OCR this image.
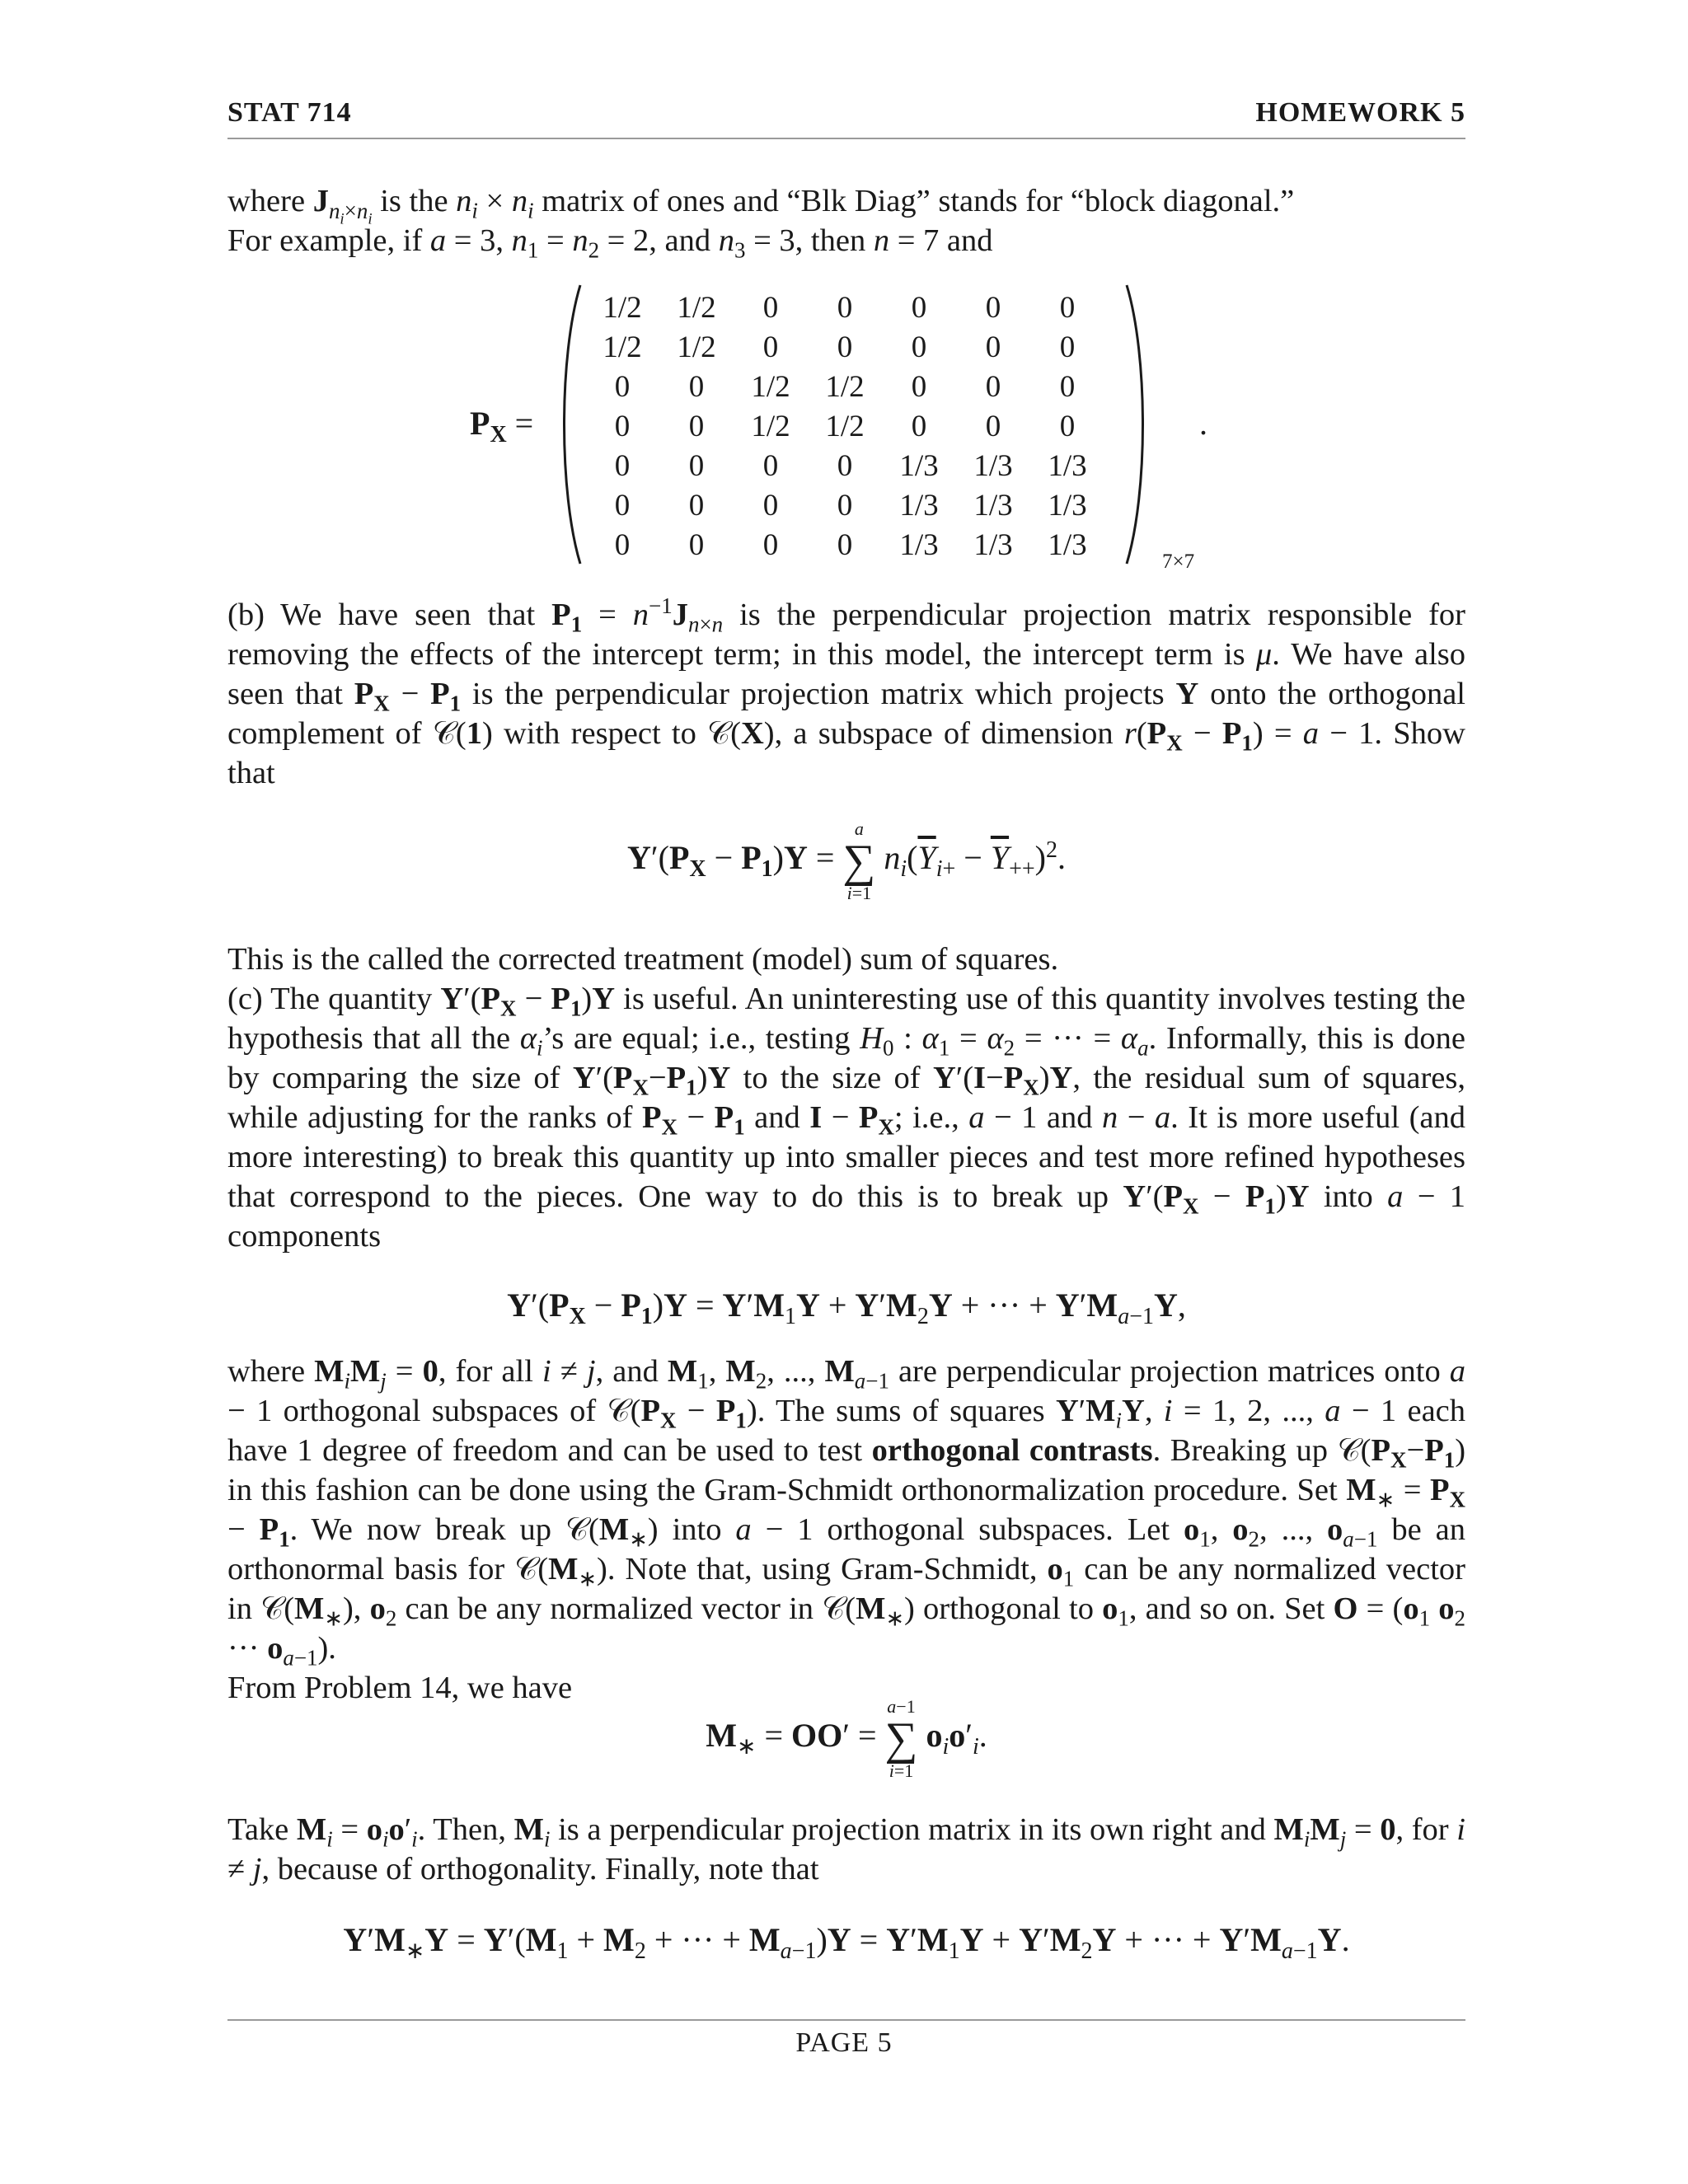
STAT 714	HOMEWORK 5

where $J_{n_i\times n_i}$ is the $n_i \times n_i$ matrix of ones and “Blk Diag” stands for “block diagonal.”

For example, if a = 3, $n_1 = n_2 = 2$, and $n_3 = 3$, then n = 7 and

$P_X$ =
1/2	1/2	0	0	0	0	0
1/2	1/2	0	0	0	0	0
0	0	1/2	1/2	0	0	0
0	0	1/2	1/2	0	0	0
0	0	0	0	1/3	1/3	1/3
0	0	0	0	1/3	1/3	1/3
0	0	0	0	1/3	1/3	1/3	7×7
.

(b) We have seen that $P_1 = n^{-1}J_{n\times n}$ is the perpendicular projection matrix responsible for removing the effects of the intercept term; in this model, the intercept term is μ. We have also seen that $P_X - P_1$ is the perpendicular projection matrix which projects Y onto the orthogonal complement of 𝒞(1) with respect to 𝒞(X), a subspace of dimension $r(P_X - P_1) = a - 1$. Show that

$Y'(P_X - P_1)Y$ =
a
∑
i=1
$n_i(\overline{Y}_{i+} - \overline{Y}_{++})^2$.

This is the called the corrected treatment (model) sum of squares.

(c) The quantity $Y'(P_X - P_1)Y$ is useful. An uninteresting use of this quantity involves testing the hypothesis that all the $\alpha_i’s$ are equal; i.e., testing $H_0$ : $\alpha_1 = \alpha_2$ = ··· = $\alpha_a$. Informally, this is done by comparing the size of $Y'(P_X-P_1)Y$ to the size of $Y'(I-P_X)Y$, the residual sum of squares, while adjusting for the ranks of $P_X - P_1$ and $I - P_X$; i.e., a − 1 and n − a. It is more useful (and more interesting) to break this quantity up into smaller pieces and test more refined hypotheses that correspond to the pieces. One way to do this is to break up $Y'(P_X - P_1)Y$ into a − 1 components

$Y'(P_X - P_1)Y = Y'M_1Y + Y'M_2Y$ + ··· + $Y'M_{a-1}Y$,

where $M_iM_j = 0$, for all i ≠ j, and $M_1$, $M_2$, ..., $M_{a-1}$ are perpendicular projection matrices onto a − 1 orthogonal subspaces of $𝒞(P_X - P_1)$. The sums of squares $Y'M_iY$, i = 1, 2, ..., a − 1 each have 1 degree of freedom and can be used to test orthogonal contrasts. Breaking up $𝒞(P_X-P_1)$ in this fashion can be done using the Gram-Schmidt orthonormalization procedure. Set $M_∗ = P_X - P_1$. We now break up $𝒞(M_∗)$ into a − 1 orthogonal subspaces. Let $o_1$, $o_2$, ..., $o_{a-1}$ be an orthonormal basis for $𝒞(M_∗)$. Note that, using Gram-Schmidt, $o_1$ can be any normalized vector in $𝒞(M_∗)$, $o_2$ can be any normalized vector in $𝒞(M_∗)$ orthogonal to $o_1$, and so on. Set $O = (o_1$ $o_2$ ··· $o_{a-1}$).

From Problem 14, we have

$M_∗ = OO'$ =
a−1
∑
i=1
$o_io'_i$.

Take $M_i = o_io'_i$. Then, $M_i$ is a perpendicular projection matrix in its own right and $M_iM_j = 0$, for i ≠ j, because of orthogonality. Finally, note that

$Y'M_∗Y = Y'(M_1 + M_2$ + ··· + $M_{a-1})Y = Y'M_1Y + Y'M_2Y$ + ··· + $Y'M_{a-1}Y$.
PAGE 5
